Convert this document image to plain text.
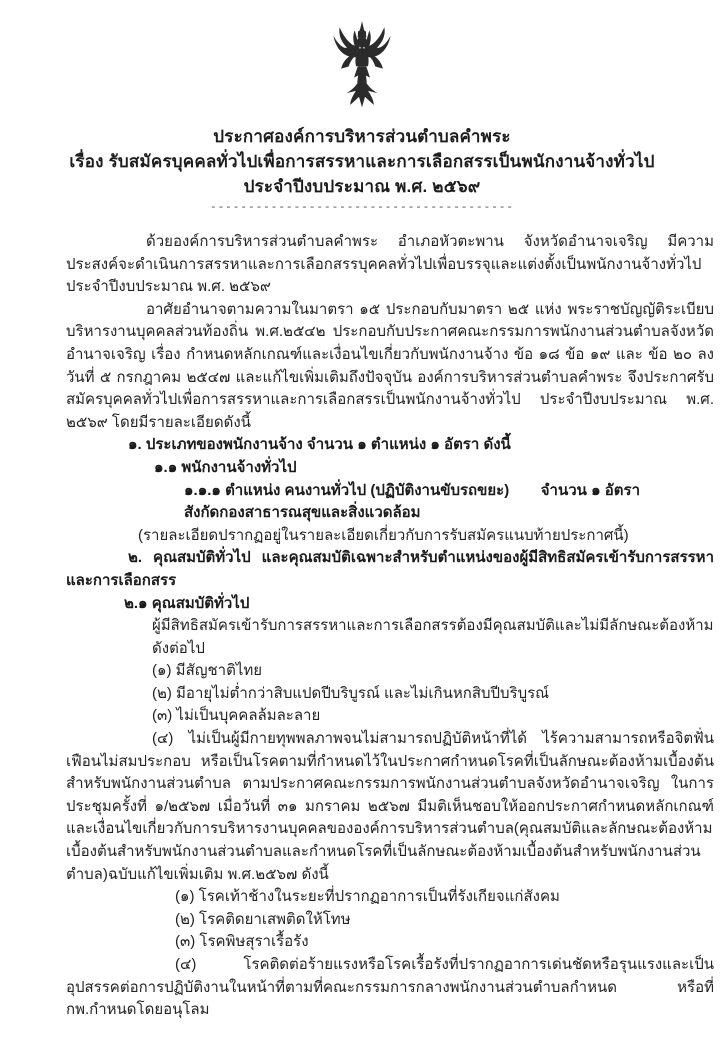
ประกาศองค์การบริหารส่วนตำบลคำพระ
เรื่อง รับสมัครบุคคลทั่วไปเพื่อการสรรหาและการเลือกสรรเป็นพนักงานจ้างทั่วไป
ประจำปีงบประมาณ พ.ศ. ๒๕๖๙
----------------------------------------
ด้วยองค์การบริหารส่วนตำบลคำพระ อำเภอหัวตะพาน จังหวัดอำนาจเจริญ มีความประสงค์จะดำเนินการสรรหาและการเลือกสรรบุคคลทั่วไปเพื่อบรรจุและแต่งตั้งเป็นพนักงานจ้างทั่วไป ประจำปีงบประมาณ พ.ศ. ๒๕๖๙
อาศัยอำนาจตามความในมาตรา ๑๕ ประกอบกับมาตรา ๒๕ แห่ง พระราชบัญญัติระเบียบบริหารงานบุคคลส่วนท้องถิ่น พ.ศ.๒๕๔๒ ประกอบกับประกาศคณะกรรมการพนักงานส่วนตำบลจังหวัดอำนาจเจริญ เรื่อง กำหนดหลักเกณฑ์และเงื่อนไขเกี่ยวกับพนักงานจ้าง ข้อ ๑๘ ข้อ ๑๙ และ ข้อ ๒๐ ลงวันที่ ๕ กรกฎาคม ๒๕๔๗ และแก้ไขเพิ่มเติมถึงปัจจุบัน องค์การบริหารส่วนตำบลคำพระ จึงประกาศรับสมัครบุคคลทั่วไปเพื่อการสรรหาและการเลือกสรรเป็นพนักงานจ้างทั่วไป ประจำปีงบประมาณ พ.ศ. ๒๕๖๙ โดยมีรายละเอียดดังนี้
๑. ประเภทของพนักงานจ้าง จำนวน ๑ ตำแหน่ง ๑ อัตรา ดังนี้
๑.๑ พนักงานจ้างทั่วไป
๑.๑.๑ ตำแหน่ง คนงานทั่วไป (ปฏิบัติงานขับรถขยะ) จำนวน ๑ อัตรา
สังกัดกองสาธารณสุขและสิ่งแวดล้อม
(รายละเอียดปรากฏอยู่ในรายละเอียดเกี่ยวกับการรับสมัครแนบท้ายประกาศนี้)
๒. คุณสมบัติทั่วไป และคุณสมบัติเฉพาะสำหรับตำแหน่งของผู้มีสิทธิสมัครเข้ารับการสรรหาและการเลือกสรร
๒.๑ คุณสมบัติทั่วไป
ผู้มีสิทธิสมัครเข้ารับการสรรหาและการเลือกสรรต้องมีคุณสมบัติและไม่มีลักษณะต้องห้ามดังต่อไป
(๑) มีสัญชาติไทย
(๒) มีอายุไม่ต่ำกว่าสิบแปดปีบริบูรณ์ และไม่เกินหกสิบปีบริบูรณ์
(๓) ไม่เป็นบุคคลล้มละลาย
(๔) ไม่เป็นผู้มีกายทุพพลภาพจนไม่สามารถปฏิบัติหน้าที่ได้ ไร้ความสามารถหรือจิตฟั่นเฟือนไม่สมประกอบ หรือเป็นโรคตามที่กำหนดไว้ในประกาศกำหนดโรคที่เป็นลักษณะต้องห้ามเบื้องต้น สำหรับพนักงานส่วนตำบล ตามประกาศคณะกรรมการพนักงานส่วนตำบลจังหวัดอำนาจเจริญ ในการประชุมครั้งที่ ๑/๒๕๖๗ เมื่อวันที่ ๓๑ มกราคม ๒๕๖๗ มีมติเห็นชอบให้ออกประกาศกำหนดหลักเกณฑ์และเงื่อนไขเกี่ยวกับการบริหารงานบุคคลขององค์การบริหารส่วนตำบล(คุณสมบัติและลักษณะต้องห้ามเบื้องต้นสำหรับพนักงานส่วนตำบลและกำหนดโรคที่เป็นลักษณะต้องห้ามเบื้องต้นสำหรับพนักงานส่วนตำบล)ฉบับแก้ไขเพิ่มเติม พ.ศ.๒๕๖๗ ดังนี้
(๑) โรคเท้าช้างในระยะที่ปรากฏอาการเป็นที่รังเกียจแก่สังคม
(๒) โรคติดยาเสพติดให้โทษ
(๓) โรคพิษสุราเรื้อรัง
(๔) โรคติดต่อร้ายแรงหรือโรคเรื้อรังที่ปรากฏอาการเด่นชัดหรือรุนแรงและเป็นอุปสรรคต่อการปฏิบัติงานในหน้าที่ตามที่คณะกรรมการกลางพนักงานส่วนตำบลกำหนด หรือที่ กพ.กำหนดโดยอนุโลม
